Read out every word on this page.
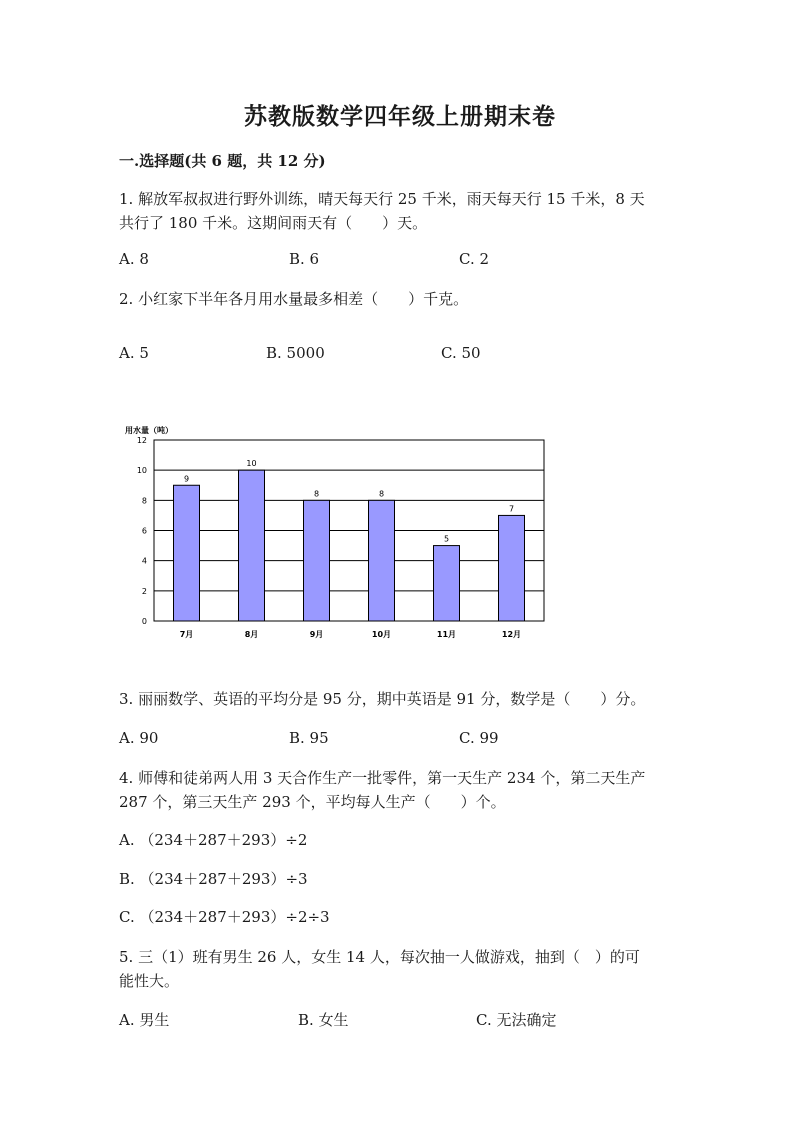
苏教版数学四年级上册期末卷
一.选择题(共 6 题，共 12 分)
1. 解放军叔叔进行野外训练，晴天每天行 25 千米，雨天每天行 15 千米，8 天
共行了 180 千米。这期间雨天有（　　）天。
A. 8	B. 6	C. 2
2. 小红家下半年各月用水量最多相差（　　）千克。
A. 5	B. 5000	C. 50
用水量（吨）
9
10
8	8
5
7
0
2
4
6
8
10
12
7月	8月	9月	10月	11月	12月
3. 丽丽数学、英语的平均分是 95 分，期中英语是 91 分，数学是（　　）分。
A. 90	B. 95	C. 99
4. 师傅和徒弟两人用 3 天合作生产一批零件，第一天生产 234 个，第二天生产
287 个，第三天生产 293 个，平均每人生产（　　）个。
A. （234＋287＋293）÷2
B. （234＋287＋293）÷3
C. （234＋287＋293）÷2÷3
5. 三（1）班有男生 26 人，女生 14 人，每次抽一人做游戏，抽到（　）的可
能性大。
A. 男生	B. 女生	C. 无法确定
